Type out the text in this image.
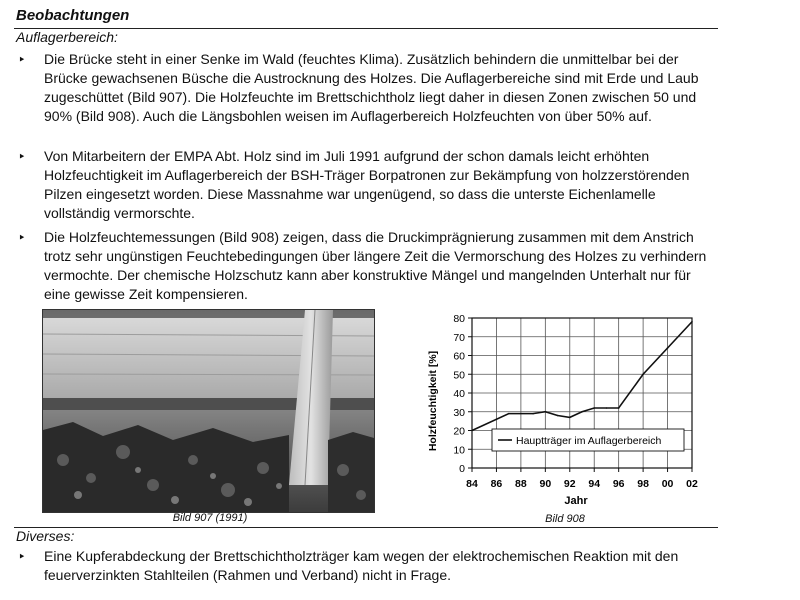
Beobachtungen
Auflagerbereich:
‣ Die Brücke steht in einer Senke im Wald (feuchtes Klima). Zusätzlich behindern die unmittelbar bei der Brücke gewachsenen Büsche die Austrocknung des Holzes. Die Auflagerbereiche sind mit Erde und Laub zugeschüttet (Bild 907). Die Holzfeuchte im Brettschichtholz liegt daher in diesen Zonen zwischen 50 und 90% (Bild 908). Auch die Längsbohlen weisen im Auflagerbereich Holzfeuchten von über 50% auf.
‣ Von Mitarbeitern der EMPA Abt. Holz sind im Juli 1991 aufgrund der schon damals leicht erhöhten Holzfeuchtigkeit im Auflagerbereich der BSH-Träger Borpatronen zur Bekämpfung von holzzerstörenden Pilzen eingesetzt worden. Diese Massnahme war ungenügend, so dass die unterste Eichenlamelle vollständig vermorschte.
‣ Die Holzfeuchtemessungen (Bild 908) zeigen, dass die Druckimprägnierung zusammen mit dem Anstrich trotz sehr ungünstigen Feuchtebedingungen über längere Zeit die Vermorschung des Holzes zu verhindern vermochte. Der chemische Holzschutz kann aber konstruktive Mängel und mangelnden Unterhalt nur für eine gewisse Zeit kompensieren.
Bild 907 (1991)
0
10
20
30
40
50
60
70
80
84 86 88 90 92 94 96 98 00 02
Hauptträger im Auflagerbereich
Jahr
Holzfeuchtigkeit [%]
Bild 908
Diverses:
‣ Eine Kupferabdeckung der Brettschichtholzträger kam wegen der elektrochemischen Reaktion mit den feuerverzinkten Stahlteilen (Rahmen und Verband) nicht in Frage.
